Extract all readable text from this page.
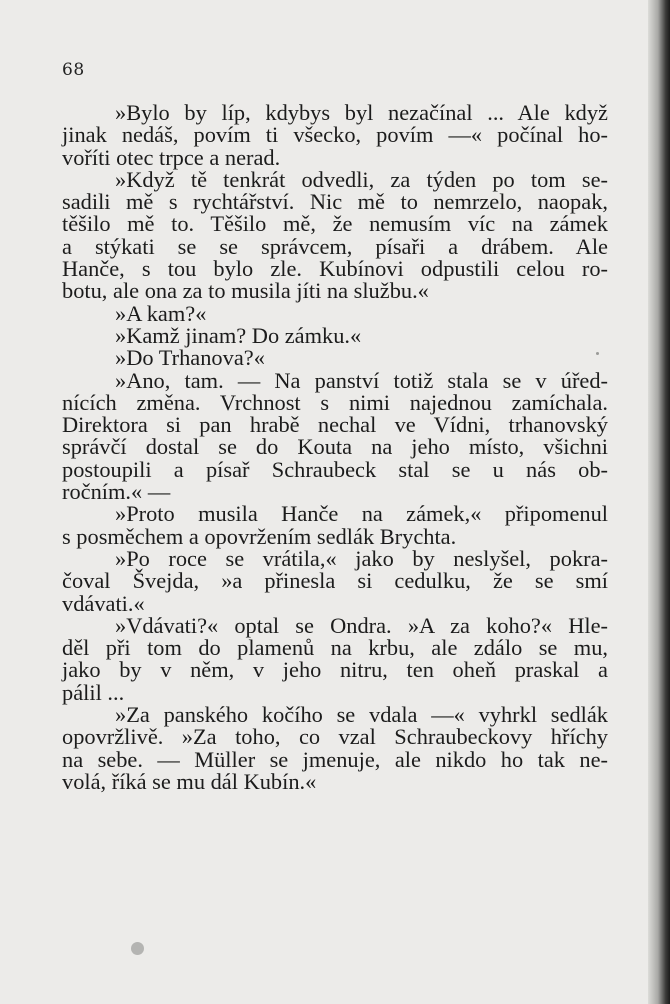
68
»Bylo by líp, kdybys byl nezačínal ... Ale když
jinak nedáš, povím ti všecko, povím —« počínal ho-
voříti otec trpce a nerad.
»Když tě tenkrát odvedli, za týden po tom se-
sadili mě s rychtářství. Nic mě to nemrzelo, naopak,
těšilo mě to. Těšilo mě, že nemusím víc na zámek
a stýkati se se správcem, písaři a drábem. Ale
Hanče, s tou bylo zle. Kubínovi odpustili celou ro-
botu, ale ona za to musila jíti na službu.«
»A kam?«
»Kamž jinam? Do zámku.«
»Do Trhanova?«
»Ano, tam. — Na panství totiž stala se v úřed-
nících změna. Vrchnost s nimi najednou zamíchala.
Direktora si pan hrabě nechal ve Vídni, trhanovský
správčí dostal se do Kouta na jeho místo, všichni
postoupili a písař Schraubeck stal se u nás ob-
ročním.« —
»Proto musila Hanče na zámek,« připomenul
s posměchem a opovržením sedlák Brychta.
»Po roce se vrátila,« jako by neslyšel, pokra-
čoval Švejda, »a přinesla si cedulku, že se smí
vdávati.«
»Vdávati?« optal se Ondra. »A za koho?« Hle-
děl při tom do plamenů na krbu, ale zdálo se mu,
jako by v něm, v jeho nitru, ten oheň praskal a
pálil ...
»Za panského kočího se vdala —« vyhrkl sedlák
opovržlivě. »Za toho, co vzal Schraubeckovy hříchy
na sebe. — Müller se jmenuje, ale nikdo ho tak ne-
volá, říká se mu dál Kubín.«
